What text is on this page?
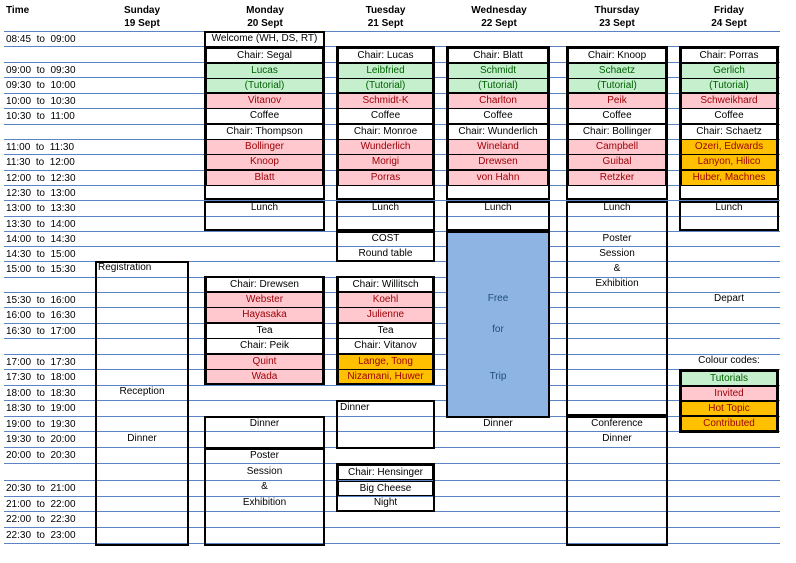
Time	Sunday
19 Sept
Monday
20 Sept
Tuesday
21 Sept
Wednesday
22 Sept
Thursday
23 Sept
Friday
24 Sept
08:45  to  09:00
09:00  to  09:30
09:30  to  10:00
10:00  to  10:30
10:30  to  11:00
11:00  to  11:30
11:30  to  12:00
12:00  to  12:30
12:30  to  13:00
13:00  to  13:30
13:30  to  14:00
14:00  to  14:30
14:30  to  15:00
15:00  to  15:30
15:30  to  16:00
16:00  to  16:30
16:30  to  17:00
17:00  to  17:30
17:30  to  18:00
18:00  to  18:30
18:30  to  19:00
19:00  to  19:30
19:30  to  20:00
20:00  to  20:30
20:30  to  21:00
21:00  to  22:00
22:00  to  22:30
22:30  to  23:00
Registration
Reception
Dinner
Welcome (WH, DS, RT)
Chair: Segal
Lucas
(Tutorial)
Vitanov
Coffee
Chair: Thompson
Bollinger
Knoop
Blatt
Lunch
Chair: Drewsen
Webster
Hayasaka
Tea
Chair: Peik
Quint
Wada
Dinner
Poster
Session
&
Exhibition
Chair: Lucas
Leibfried
(Tutorial)
Schmidt-K
Coffee
Chair: Monroe
Wunderlich
Morigi
Porras
Lunch
COST
Round table
Chair: Willitsch
Koehl
Julienne
Tea
Chair: Vitanov
Lange, Tong
Nizamani, Huwer
Dinner
Chair: Hensinger
Big Cheese
Night
Chair: Blatt
Schmidt
(Tutorial)
Charlton
Coffee
Chair: Wunderlich
Wineland
Drewsen
von Hahn
Lunch
Free
for
Trip
Dinner
Chair: Knoop
Schaetz
(Tutorial)
Peik
Coffee
Chair: Bollinger
Campbell
Guibal
Retzker
Lunch
Poster
Session
&
Exhibition
Conference
Dinner
Chair: Porras
Gerlich
(Tutorial)
Schweikhard
Coffee
Chair: Schaetz
Ozeri, Edwards
Lanyon, Hilico
Huber, Machnes
Lunch
Depart
Colour codes:
Tutorials
Invited
Hot Topic
Contributed
